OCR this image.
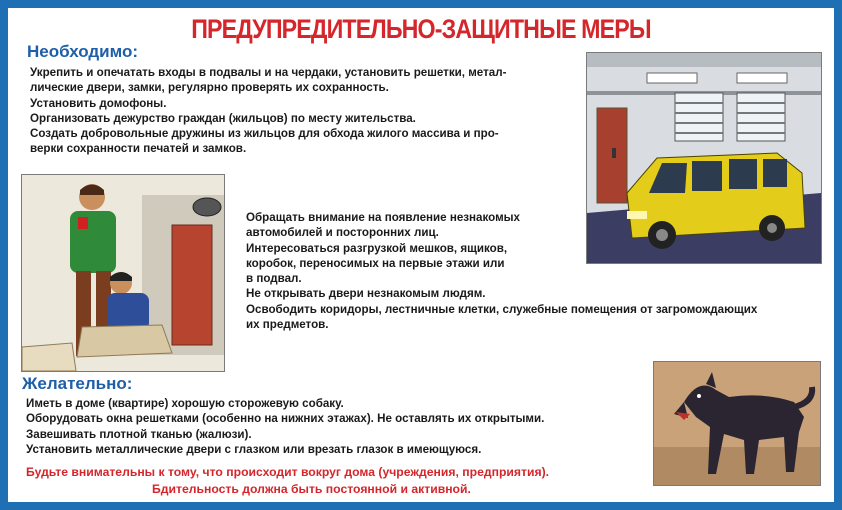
ПРЕДУПРЕДИТЕЛЬНО-ЗАЩИТНЫЕ МЕРЫ
Необходимо:
Укрепить и опечатать входы в подвалы и на чердаки, установить решетки, метал-
лические двери, замки, регулярно проверять их сохранность.
Установить домофоны.
Организовать дежурство граждан (жильцов) по месту жительства.
Создать добровольные дружины из жильцов для обхода жилого массива и про-
верки сохранности печатей и замков.
Обращать внимание на появление незнакомых
автомобилей и посторонних лиц.
Интересоваться разгрузкой мешков, ящиков,
коробок, переносимых на первые этажи или
в подвал.
Не открывать двери незнакомым людям.
Освободить коридоры, лестничные клетки, служебные помещения от загромождающих
их предметов.
Желательно:
Иметь в доме (квартире) хорошую сторожевую собаку.
Оборудовать окна решетками (особенно на нижних этажах). Не оставлять их открытыми.
Завешивать плотной тканью (жалюзи).
Установить металлические двери с глазком или врезать глазок в имеющуюся.
Будьте внимательны к тому, что происходит вокруг дома (учреждения, предприятия).
Бдительность должна быть постоянной и активной.
